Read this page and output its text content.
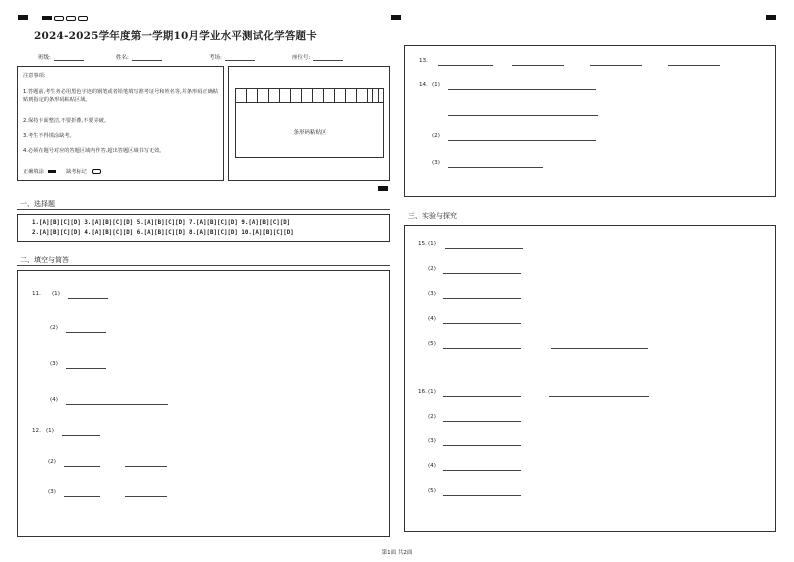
2024-2025学年度第一学期10月学业水平测试化学答题卡
班级:	姓名:	考场:	座位号:
注意事项:
1.答题前,考生务必用黑色字迹的钢笔或者铅笔填写准考证号和姓名等,并条形码正确粘贴到指定的条形码粘贴区域。
2.保持卡面整洁,不要折叠,不要弄破。
3.考生不得填涂缺考。
4.必须在题号对应的答题区域内作答,超出答题区域书写无效。
正确填涂	缺考标记
条形码粘贴区
一、选择题
1.[A][B][C][D] 3.[A][B][C][D] 5.[A][B][C][D] 7.[A][B][C][D] 9.[A][B][C][D]
2.[A][B][C][D] 4.[A][B][C][D] 6.[A][B][C][D] 8.[A][B][C][D] 10.[A][B][C][D]
二、填空与简答
11. (1)
(2)
(3)
(4)
12. (1)
(2)
(3)
13.
14. (1)
(2)
(3)
三、实验与探究
15. (1)
(2)
(3)
(4)
(5)
16. (1)
(2)
(3)
(4)
(5)
第1面 共2面
